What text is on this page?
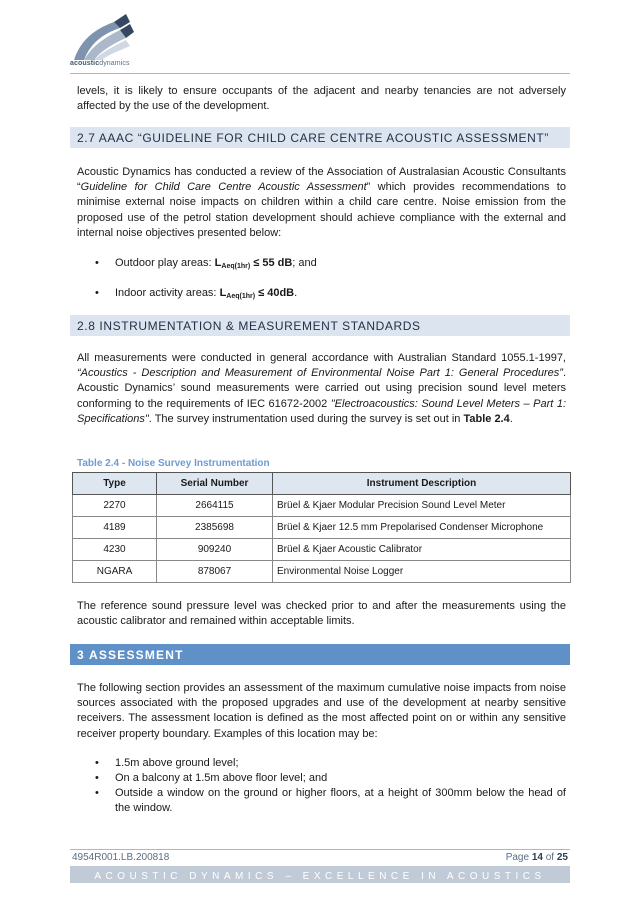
acousticdynamics

levels, it is likely to ensure occupants of the adjacent and nearby tenancies are not adversely affected by the use of the development.

2.7 AAAC “GUIDELINE FOR CHILD CARE CENTRE ACOUSTIC ASSESSMENT”

Acoustic Dynamics has conducted a review of the Association of Australasian Acoustic Consultants “Guideline for Child Care Centre Acoustic Assessment” which provides recommendations to minimise external noise impacts on children within a child care centre. Noise emission from the proposed use of the petrol station development should achieve compliance with the external and internal noise objectives presented below:

• Outdoor play areas: $L_{Aeq(1hr)} \le 55$ dB; and
• Indoor activity areas: $L_{Aeq(1hr)} \le 40dB$.
2.8 INSTRUMENTATION & MEASUREMENT STANDARDS

All measurements were conducted in general accordance with Australian Standard 1055.1-1997, “Acoustics - Description and Measurement of Environmental Noise Part 1: General Procedures”. Acoustic Dynamics’ sound measurements were carried out using precision sound level meters conforming to the requirements of IEC 61672-2002 "Electroacoustics: Sound Level Meters – Part 1: Specifications". The survey instrumentation used during the survey is set out in Table 2.4.

Table 2.4 - Noise Survey Instrumentation
Type	Serial Number	Instrument Description
2270	2664115	Brüel & Kjaer Modular Precision Sound Level Meter
4189	2385698	Brüel & Kjaer 12.5 mm Prepolarised Condenser Microphone
4230	909240	Brüel & Kjaer Acoustic Calibrator
NGARA	878067	Environmental Noise Logger

The reference sound pressure level was checked prior to and after the measurements using the acoustic calibrator and remained within acceptable limits.

3 ASSESSMENT

The following section provides an assessment of the maximum cumulative noise impacts from noise sources associated with the proposed upgrades and use of the development at nearby sensitive receivers. The assessment location is defined as the most affected point on or within any sensitive receiver property boundary. Examples of this location may be:

• 1.5m above ground level;
• On a balcony at 1.5m above floor level; and
• Outside a window on the ground or higher floors, at a height of 300mm below the head of the window.
4954R001.LB.200818	Page 14 of 25
ACOUSTIC DYNAMICS – EXCELLENCE IN ACOUSTICS
